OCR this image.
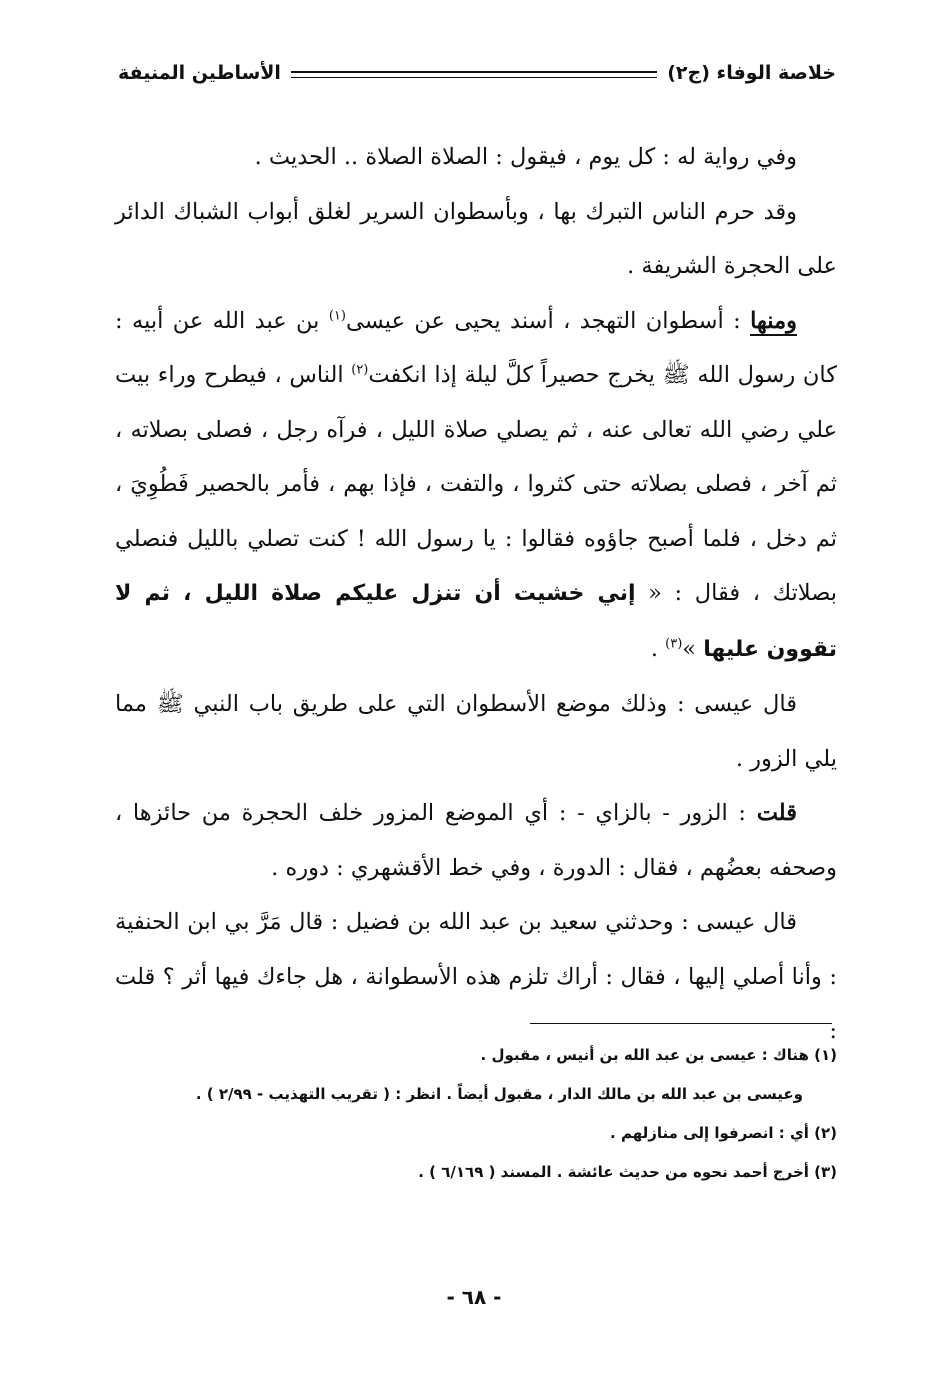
خلاصة الوفاء (ج٢)
الأساطين المنيفة

وفي رواية له : كل يوم ، فيقول : الصلاة الصلاة .. الحديث .

وقد حرم الناس التبرك بها ، وبأسطوان السرير لغلق أبواب الشباك الدائر على الحجرة الشريفة .

ومنها : أسطوان التهجد ، أسند يحيى عن عيسى$^{(١)}$ بن عبد الله عن أبيه : كان رسول الله ﷺ يخرج حصيراً كلَّ ليلة إذا انكفت$^{(٢)}$ الناس ، فيطرح وراء بيت علي رضي الله تعالى عنه ، ثم يصلي صلاة الليل ، فرآه رجل ، فصلى بصلاته ، ثم آخر ، فصلى بصلاته حتى كثروا ، والتفت ، فإذا بهم ، فأمر بالحصير فَطُوِيَ ، ثم دخل ، فلما أصبح جاؤوه فقالوا : يا رسول الله ! كنت تصلي بالليل فنصلي بصلاتك ، فقال : « إني خشيت أن تنزل عليكم صلاة الليل ، ثم لا تقوون عليها »$^{(٣)}$ .

قال عيسى : وذلك موضع الأسطوان التي على طريق باب النبي ﷺ مما يلي الزور .

قلت : الزور - بالزاي - : أي الموضع المزور خلف الحجرة من حائزها ، وصحفه بعضُهم ، فقال : الدورة ، وفي خط الأقشهري : دوره .

قال عيسى : وحدثني سعيد بن عبد الله بن فضيل : قال مَرَّ بي ابن الحنفية : وأنا أصلي إليها ، فقال : أراك تلزم هذه الأسطوانة ، هل جاءك فيها أثر ؟ قلت :

(١) هناك : عيسى بن عبد الله بن أنيس ، مقبول .

وعيسى بن عبد الله بن مالك الدار ، مقبول أيضاً . انظر : ( تقريب التهذيب - ٢/٩٩ ) .

(٢) أي : انصرفوا إلى منازلهم .

(٣) أخرج أحمد نحوه من حديث عائشة . المسند ( ٦/١٦٩ ) .

- ٦٨ -
